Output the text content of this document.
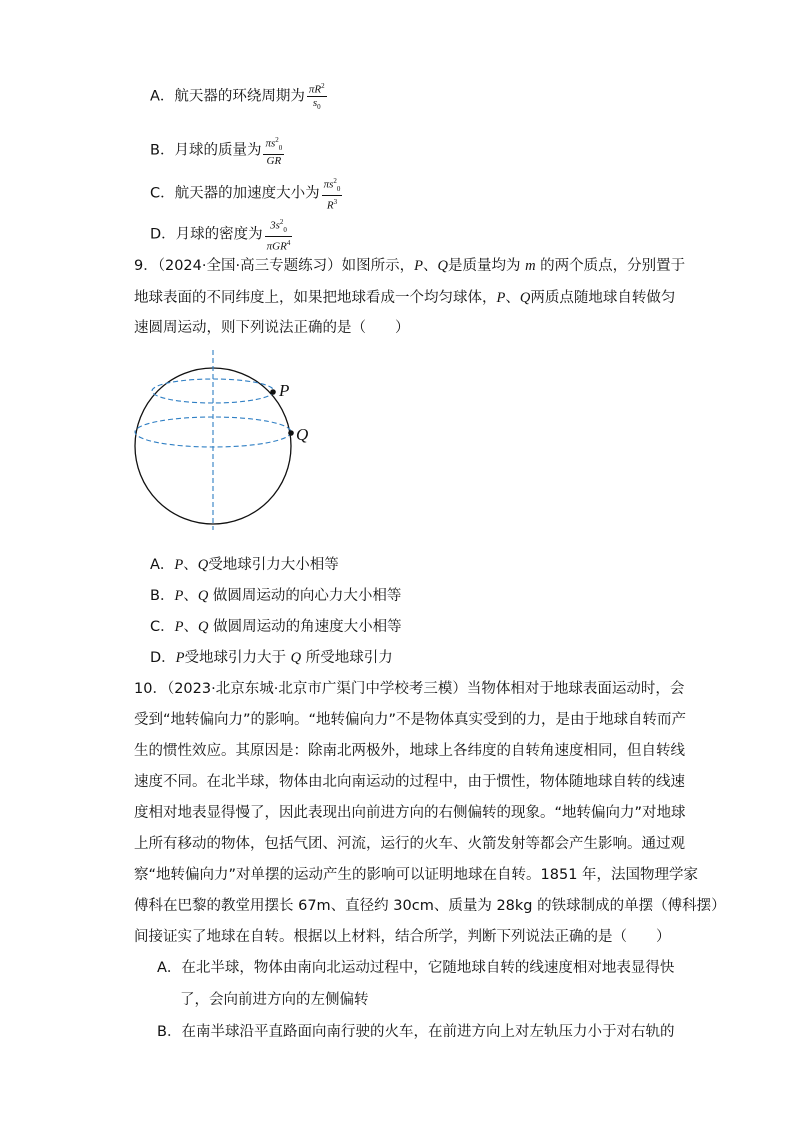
A．航天器的环绕周期为 $\frac{\pi R^2}{s_0}$
B．月球的质量为 $\frac{\pi s^2_0}{GR}$
C．航天器的加速度大小为 $\frac{\pi s^2_0}{R^3}$
D．月球的密度为 $\frac{3s^2_0}{\pi GR^4}$
9．（2024·全国·高三专题练习）如图所示，P、Q是质量均为 m 的两个质点，分别置于
地球表面的不同纬度上，如果把地球看成一个均匀球体，P、Q两质点随地球自转做匀
速圆周运动，则下列说法正确的是（　　）
P
Q
A．P、Q受地球引力大小相等
B．P、Q 做圆周运动的向心力大小相等
C．P、Q 做圆周运动的角速度大小相等
D．P受地球引力大于 Q 所受地球引力
10．（2023·北京东城·北京市广渠门中学校考三模）当物体相对于地球表面运动时，会
受到“地转偏向力”的影响。“地转偏向力”不是物体真实受到的力，是由于地球自转而产
生的惯性效应。其原因是：除南北两极外，地球上各纬度的自转角速度相同，但自转线
速度不同。在北半球，物体由北向南运动的过程中，由于惯性，物体随地球自转的线速
度相对地表显得慢了，因此表现出向前进方向的右侧偏转的现象。“地转偏向力”对地球
上所有移动的物体，包括气团、河流，运行的火车、火箭发射等都会产生影响。通过观
察“地转偏向力”对单摆的运动产生的影响可以证明地球在自转。1851 年，法国物理学家
傅科在巴黎的教堂用摆长 67m、直径约 30cm、质量为 28kg 的铁球制成的单摆（傅科摆）
间接证实了地球在自转。根据以上材料，结合所学，判断下列说法正确的是（　　）
A．在北半球，物体由南向北运动过程中，它随地球自转的线速度相对地表显得快
了，会向前进方向的左侧偏转
B．在南半球沿平直路面向南行驶的火车，在前进方向上对左轨压力小于对右轨的
